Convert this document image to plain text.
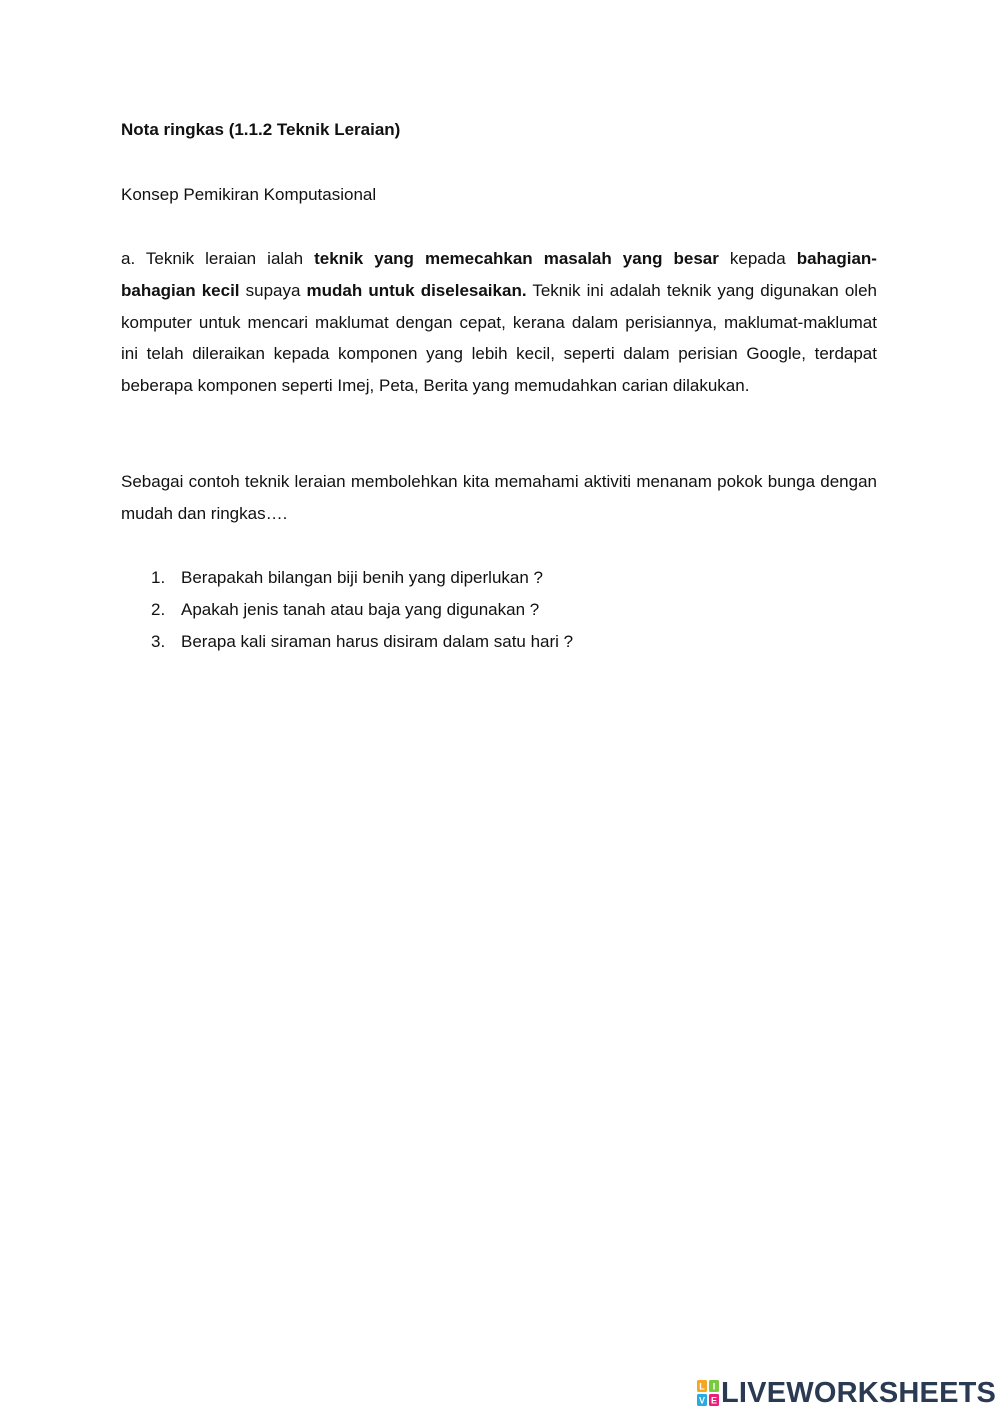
Nota ringkas (1.1.2 Teknik Leraian)

Konsep Pemikiran Komputasional

a. Teknik leraian ialah teknik yang memecahkan masalah yang besar kepada bahagian-bahagian kecil supaya mudah untuk diselesaikan. Teknik ini adalah teknik yang digunakan oleh komputer untuk mencari maklumat dengan cepat, kerana dalam perisiannya, maklumat-maklumat ini telah dileraikan kepada komponen yang lebih kecil, seperti dalam perisian Google, terdapat beberapa komponen seperti Imej, Peta, Berita yang memudahkan carian dilakukan.

Sebagai contoh teknik leraian membolehkan kita memahami aktiviti menanam pokok bunga dengan mudah dan ringkas….

1. Berapakah bilangan biji benih yang diperlukan ?
2. Apakah jenis tanah atau baja yang digunakan ?
3. Berapa kali siraman harus disiram dalam satu hari ?
L I
V E LIVEWORKSHEETS
